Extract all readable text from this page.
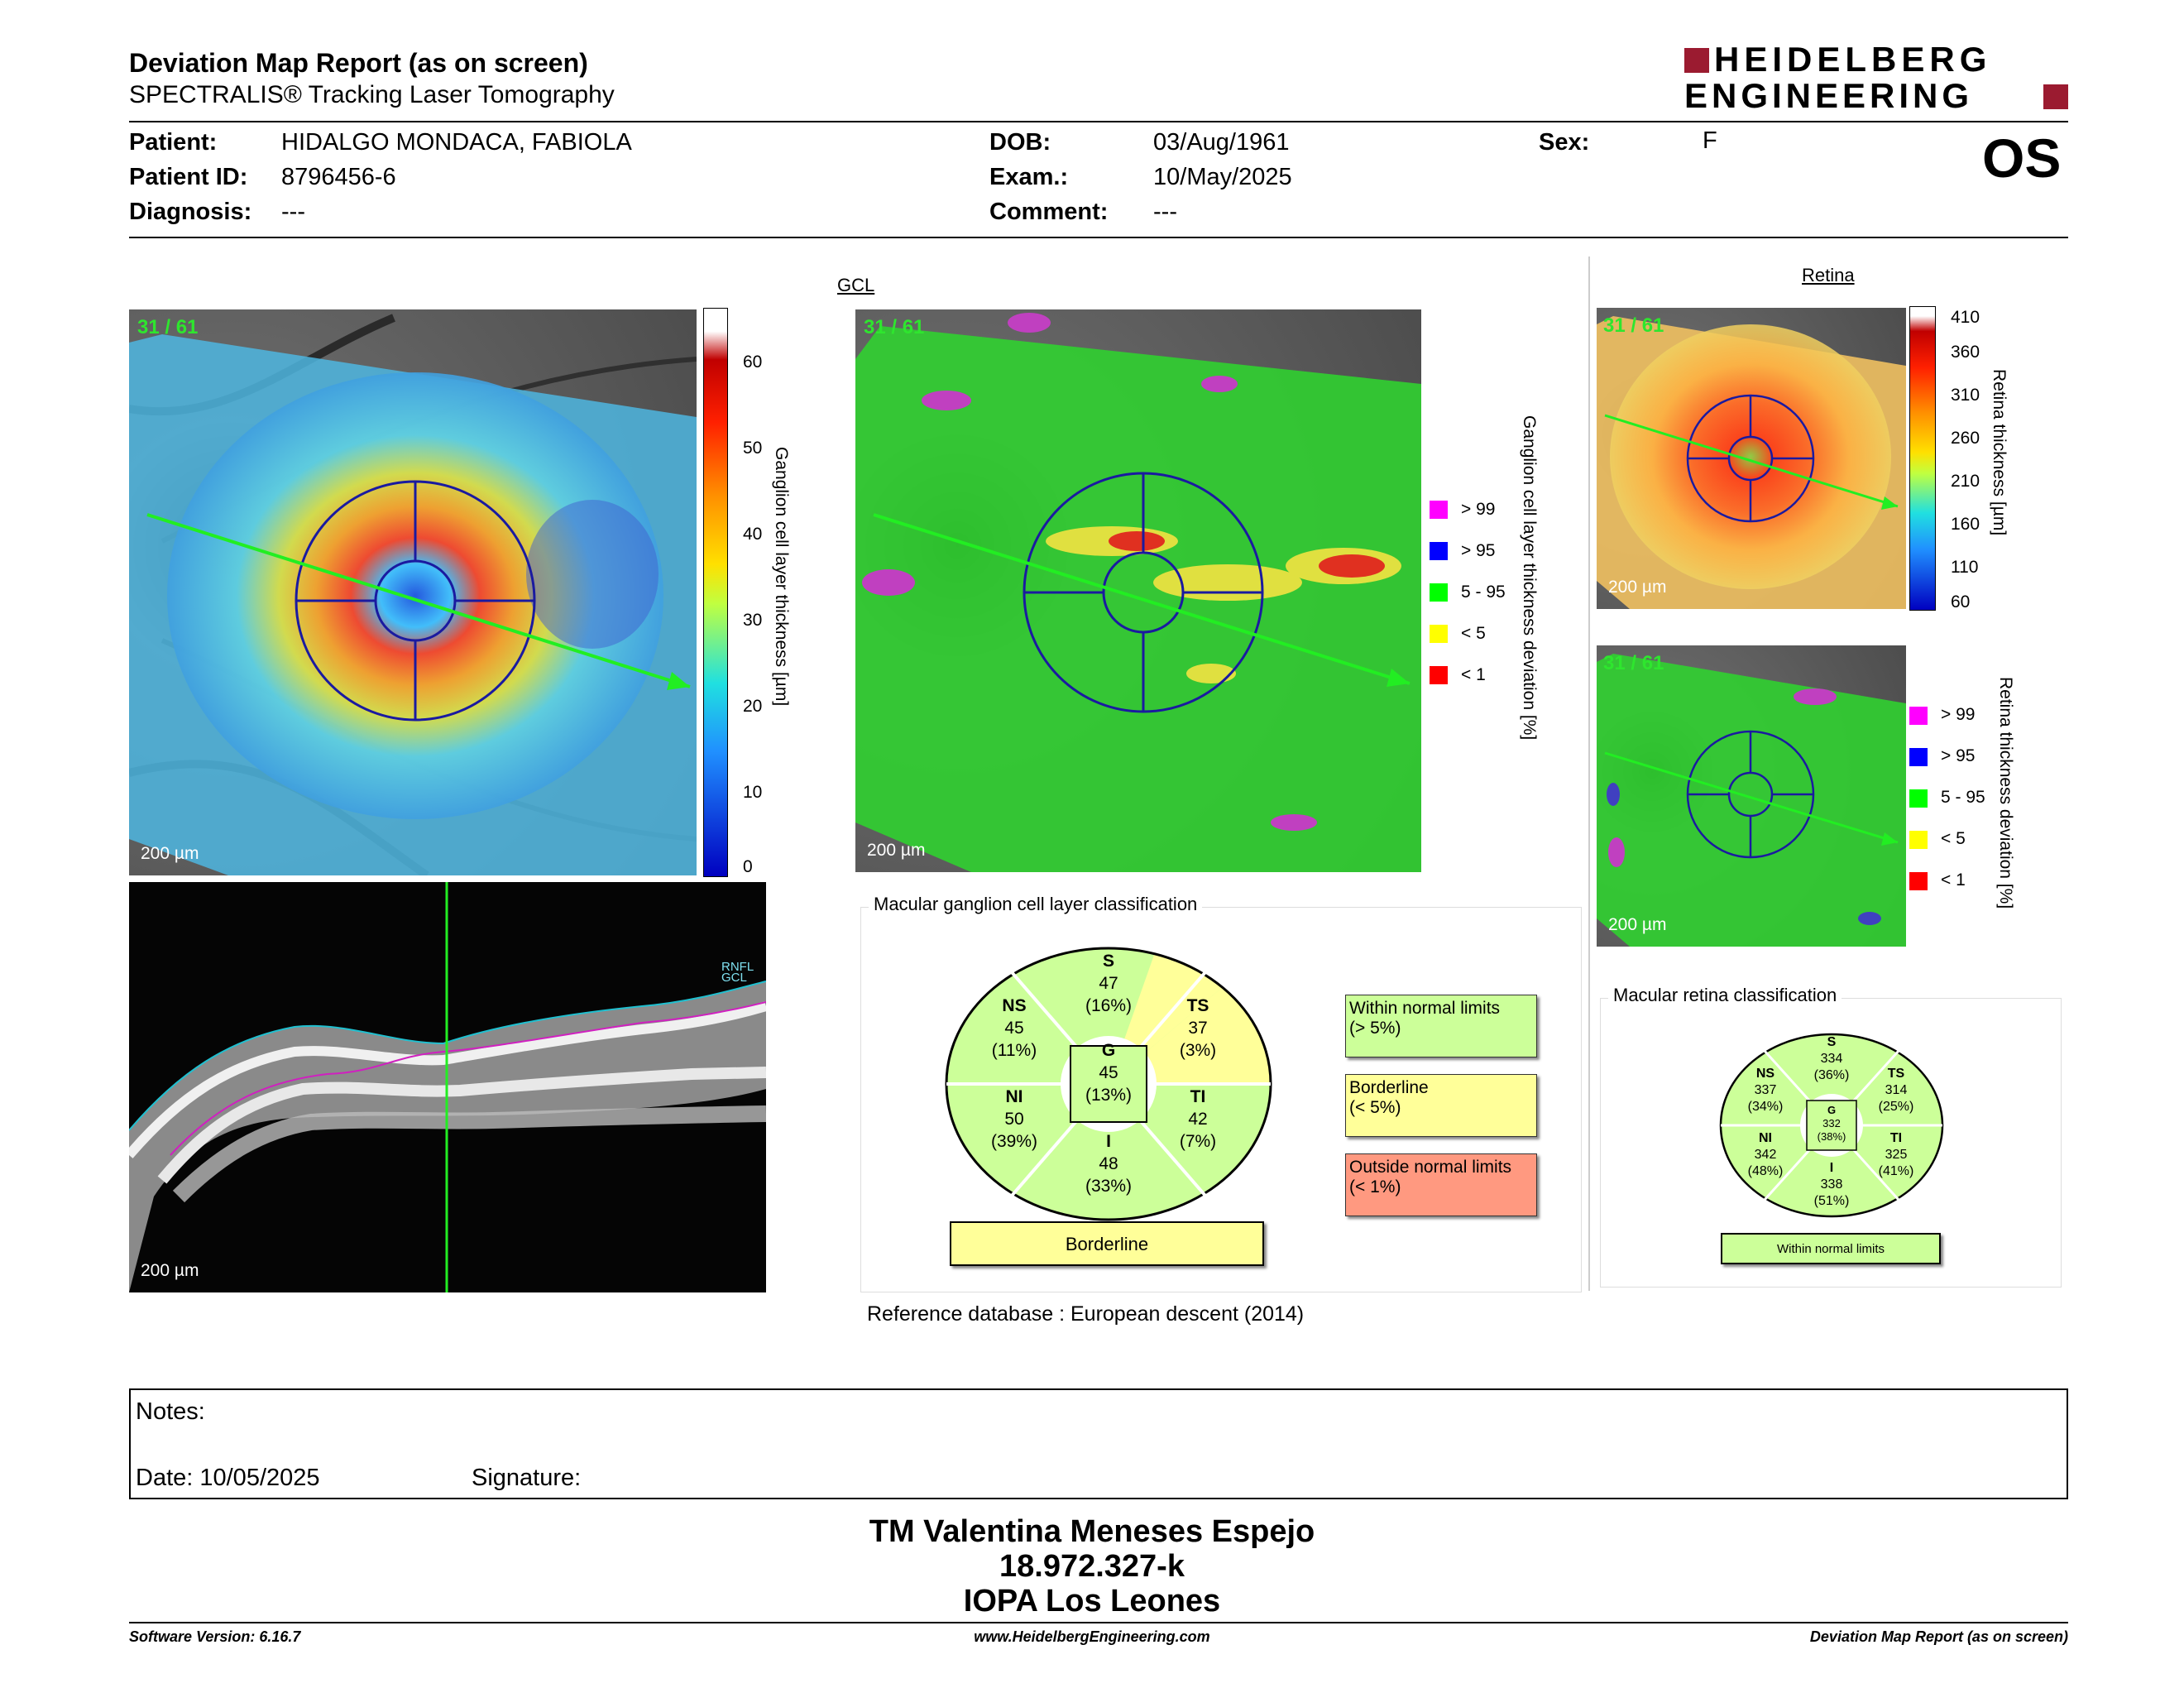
Deviation Map Report (as on screen)
SPECTRALIS® Tracking Laser Tomography
HEIDELBERG
ENGINEERING
Patient:	HIDALGO MONDACA, FABIOLA
Patient ID: 8796456-6
Diagnosis: ---
DOB:	03/Aug/1961
Exam.:	10/May/2025
Comment: ---
Sex:	F	OS
31 / 61
200 µm
60
50
40
30
20
10
0
Ganglion cell layer thickness [µm]
RNFL
GCL
200 µm
GCL
31 / 61
200 µm
> 99
> 95
5 - 95
< 5
< 1 Ganglion cell layer thickness deviation [%]
Macular ganglion cell layer classification
S
47
(16%)
NS
45
(11%)
TS
37
(3%)
G
45
(13%)
NI
50
(39%)
TI
42
(7%)
I
48
(33%)
Borderline
Within normal limits
(> 5%)
Borderline
(< 5%)
Outside normal limits
(< 1%)
Reference database : European descent (2014)
Retina
31 / 61
200 µm
410
360
310
260
210
160
110
60
Retina thickness [µm]
31 / 61
200 µm
> 99
> 95
5 - 95
< 5
< 1 Retina thickness deviation [%]
Macular retina classification
S
334
(36%)
NS
337
(34%)
TS
314
(25%)
G
332
(38%)
NI
342
(48%)
TI
325
(41%)
I
338
(51%)
Within normal limits
Notes:
Date: 10/05/2025	Signature:
TM Valentina Meneses Espejo
18.972.327-k
IOPA Los Leones
Software Version: 6.16.7	www.HeidelbergEngineering.com	Deviation Map Report (as on screen)
